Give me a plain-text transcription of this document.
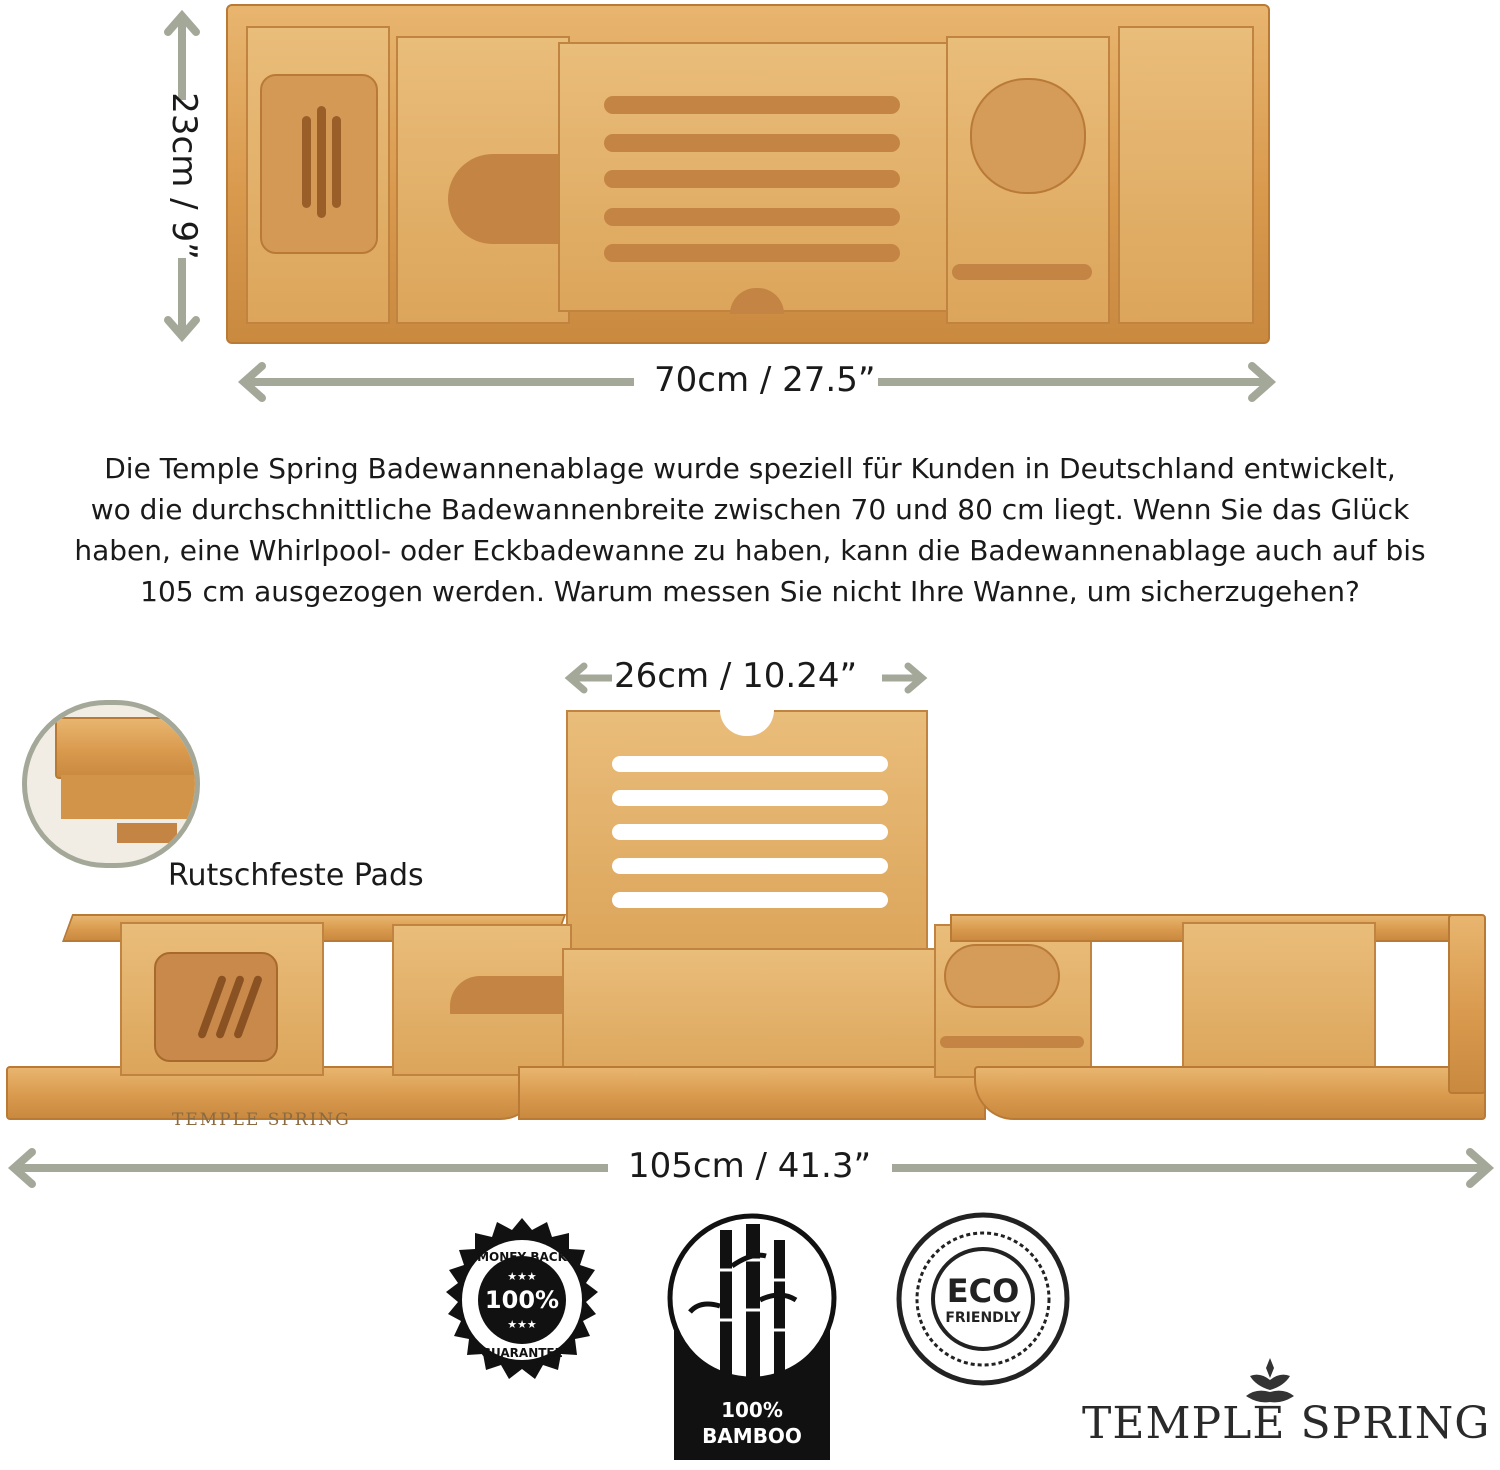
23cm / 9”
70cm / 27.5”
Die Temple Spring Badewannenablage wurde speziell für Kunden in Deutschland entwickelt,
wo die durchschnittliche Badewannenbreite zwischen 70 und 80 cm liegt. Wenn Sie das Glück
haben, eine Whirlpool- oder Eckbadewanne zu haben, kann die Badewannenablage auch auf bis
105 cm ausgezogen werden. Warum messen Sie nicht Ihre Wanne, um sicherzugehen?
26cm / 10.24”
Rutschfeste Pads
TEMPLE SPRING
105cm / 41.3”
MONEY BACK
100%
★★★
★★★
GUARANTEE
100%
BAMBOO
ECO
FRIENDLY
TEMPLE SPRING
